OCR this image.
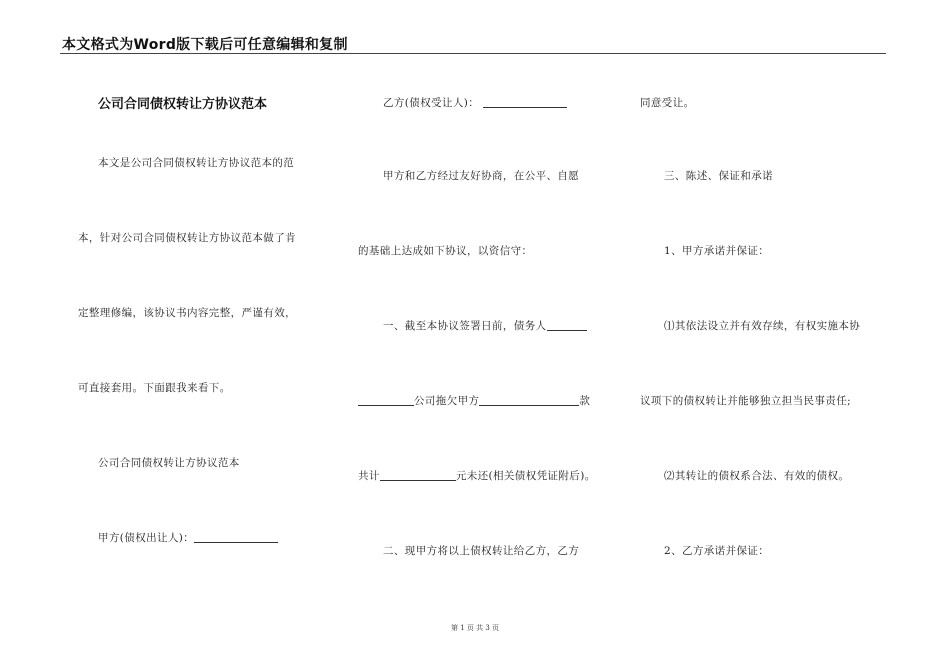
本文格式为Word版下载后可任意编辑和复制
公司合同债权转让方协议范本
本文是公司合同债权转让方协议范本的范
本，针对公司合同债权转让方协议范本做了肯
定整理修编，该协议书内容完整，严谨有效，
可直接套用。下面跟我来看下。
公司合同债权转让方协议范本
甲方(债权出让人)：
乙方(债权受让人)：
甲方和乙方经过友好协商，在公平、自愿
的基础上达成如下协议，以资信守：
一、截至本协议签署日前，债务人
公司拖欠甲方	款
共计	元未还(相关债权凭证附后)。
二、现甲方将以上债权转让给乙方，乙方
同意受让。
三、陈述、保证和承诺
1、甲方承诺并保证：
⑴其依法设立并有效存续，有权实施本协
议项下的债权转让并能够独立担当民事责任;
⑵其转让的债权系合法、有效的债权。
2、乙方承诺并保证：
第 1 页 共 3 页
